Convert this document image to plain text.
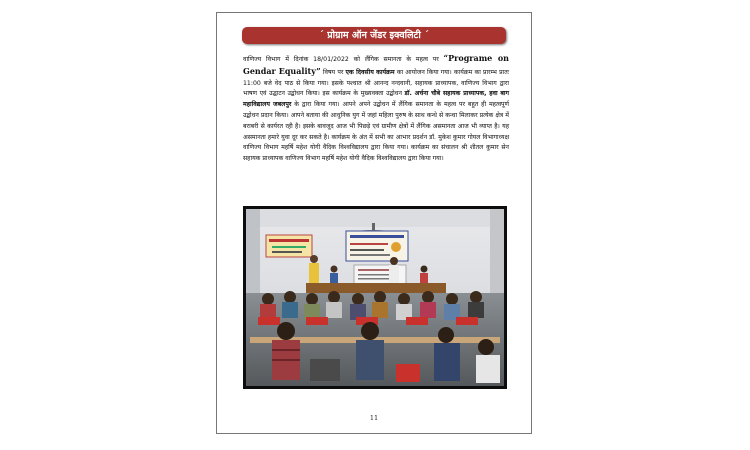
´ प्रोग्राम ऑन जेंडर इक्वलिटी ´

वाणिज्य विभाग में दिनांक 18/01/2022 को लैंगिक समानता के महत्व पर “Programe on Gendar Equality” विषय पर एक दिवसीय कार्यक्रम का आयोजन किया गया। कार्यक्रम का प्रारम्भ प्रातः 11:00 बजे वेद पाठ से किया गया। इसके पश्चात श्री आनन्द नन्दवानी, सहायक प्राध्यापक, वाणिज्य विभाग द्वारा भाषण एवं उद्घाटन उद्बोधन किया। इस कार्यक्रम के मुख्यवक्ता उद्बोधन डॉ. अर्चना चौबे सहायक प्राध्यापक, हवा बाग महाविद्यालय जबलपुर के द्वारा किया गया। आपने अपने उद्बोधन में लैंगिक समानता के महत्व पर बहुत ही महत्वपूर्ण उद्बोधन प्रदान किया। आपने बताया की आधुनिक युग में जहां महिला पुरुष के साथ कन्धे से कन्धा मिलाकर प्रत्येक क्षेत्र में बराबरी से कार्यरत रही है। इसके बावजूद आज भी पिछड़े एवं ग्रामीण क्षेत्रों में लैंगिक असमानता आज भी व्याप्त है। यह असमानता हमारे युवा दूर कर सकते है। कार्यक्रम के अंत में सभी का आभार प्रदर्शन डॉ. मुकेश कुमार गोयल विभागाध्यक्ष वाणिज्य विभाग महर्षि महेश योगी वैदिक विश्वविद्यालय द्वारा किया गया। कार्यक्रम का संचालन श्री शीतल कुमार सेन सहायक प्राध्यापक वाणिज्य विभाग महर्षि महेश योगी वैदिक विश्वविद्यालय द्वारा किया गया।

11
